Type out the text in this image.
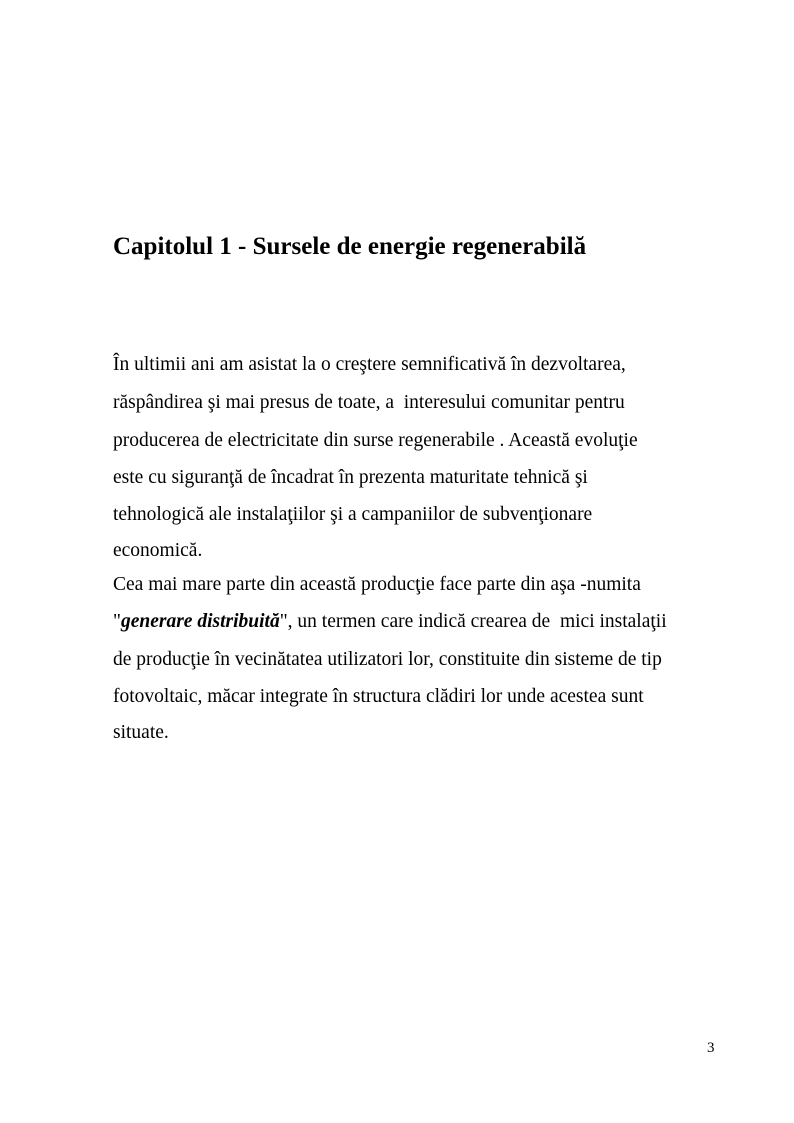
Capitolul 1 - Sursele de energie regenerabilă

În ultimii ani am asistat la o creştere semnificativă în dezvoltarea,

răspândirea şi mai presus de toate, a  interesului comunitar pentru

producerea de electricitate din surse regenerabile . Această evoluţie

este cu siguranţă de încadrat în prezenta maturitate tehnică şi

tehnologică ale instalaţiilor şi a campaniilor de subvenţionare

economică.

Cea mai mare parte din această producţie face parte din aşa -numita

"generare distribuită", un termen care indică crearea de  mici instalaţii

de producţie în vecinătatea utilizatori lor, constituite din sisteme de tip

fotovoltaic, măcar integrate în structura clădiri lor unde acestea sunt

situate.

3
